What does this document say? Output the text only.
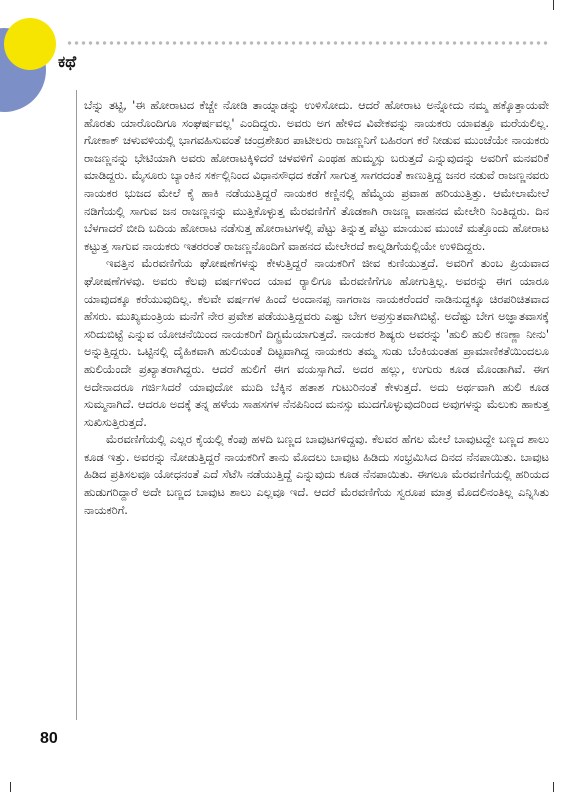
ಕಥೆ

ಬೆನ್ನು ತಟ್ಟಿ, 'ಈ ಹೋರಾಟದ ಕೆಚ್ಚೇ ನೋಡಿ ತಾಯ್ನಾಡನ್ನು ಉಳಿಸೋದು. ಆದರೆ ಹೋರಾಟ ಅನ್ನೋದು ನಮ್ಮ ಹಕ್ಕೊತ್ತಾಯವೇ ಹೊರತು ಯಾರೊಂದಿಗೂ ಸಂಘರ್ಷವಲ್ಲ' ಎಂದಿದ್ದರು. ಅವರು ಅಗ ಹೇಳಿದ ವಿವೇಕವನ್ನು ನಾಯಕರು ಯಾವತ್ತೂ ಮರೆಯಲಿಲ್ಲ. ಗೋಕಾಕ್ ಚಳುವಳಿಯಲ್ಲಿ ಭಾಗವಹಿಸುವಂತೆ ಚಂದ್ರಶೇಖರ ಪಾಟೀಲರು ರಾಜಣ್ಣನಿಗೆ ಬಹಿರಂಗ ಕರೆ ನೀಡುವ ಮುಂಚೆಯೇ ನಾಯಕರು ರಾಜಣ್ಣನನ್ನು ಭೇಟಿಯಾಗಿ ಅವರು ಹೋರಾಟಕ್ಕಿಳಿದರೆ ಚಳವಳಿಗೆ ಎಂಥಹ ಹುಮ್ಮಸ್ಸು ಬರುತ್ತದೆ ಎನ್ನುವುದನ್ನು ಅವರಿಗೆ ಮನವರಿಕೆ ಮಾಡಿದ್ದರು. ಮೈಸೂರು ಬ್ಯಾಂಕಿನ ಸರ್ಕಲ್ಲಿನಿಂದ ವಿಧಾನಸೌಧದ ಕಡೆಗೆ ಸಾಗುತ್ತ ಸಾಗರದಂತೆ ಕಾಣುತ್ತಿದ್ದ ಜನರ ನಡುವೆ ರಾಜಣ್ಣನವರು ನಾಯಕರ ಭುಜದ ಮೇಲೆ ಕೈ ಹಾಕಿ ನಡೆಯುತ್ತಿದ್ದರೆ ನಾಯಕರ ಕಣ್ಣಿನಲ್ಲಿ ಹೆಮ್ಮೆಯ ಪ್ರವಾಹ ಹರಿಯುತ್ತಿತ್ತು. ಆಮೇಲಾಮೇಲೆ ನಡಿಗೆಯಲ್ಲಿ ಸಾಗುವ ಜನ ರಾಜಣ್ಣನನ್ನು ಮುತ್ತಿಕೊಳ್ಳುತ್ತ ಮೆರವಣಿಗೆಗೆ ತೊಡಕಾಗಿ ರಾಜಣ್ಣ ವಾಹನದ ಮೇಲೇರಿ ನಿಂತಿದ್ದರು. ದಿನ ಬೆಳಗಾದರೆ ಬೀದಿ ಬದಿಯ ಹೋರಾಟ ನಡೆಸುತ್ತ ಹೋರಾಟಗಳಲ್ಲಿ ಪೆಟ್ಟು ತಿನ್ನುತ್ತ ಪೆಟ್ಟು ಮಾಯುವ ಮುಂಚೆ ಮತ್ತೊಂದು ಹೋರಾಟ ಕಟ್ಟುತ್ತ ಸಾಗುವ ನಾಯಕರು ಇತರರಂತೆ ರಾಜಣ್ಣನೊಂದಿಗೆ ವಾಹನದ ಮೇಲೇರದೆ ಕಾಲ್ನಡಿಗೆಯಲ್ಲಿಯೇ ಉಳಿದಿದ್ದರು.

ಇವತ್ತಿನ ಮೆರವಣಿಗೆಯ ಘೋಷಣೆಗಳನ್ನು ಕೇಳುತ್ತಿದ್ದರೆ ನಾಯಕರಿಗೆ ಜೀವ ಕುಣಿಯುತ್ತದೆ. ಅವರಿಗೆ ತುಂಬ ಪ್ರಿಯವಾದ ಘೋಷಣೆಗಳವು. ಅವರು ಕೆಲವು ವರ್ಷಗಳಿಂದ ಯಾವ ರ‍್ಯಾಲಿಗೂ ಮೆರವಣಿಗೆಗೂ ಹೋಗುತ್ತಿಲ್ಲ. ಅವರನ್ನು ಈಗ ಯಾರೂ ಯಾವುದಕ್ಕೂ ಕರೆಯುವುದಿಲ್ಲ. ಕೆಲವೇ ವರ್ಷಗಳ ಹಿಂದೆ ಅಂದಾನಪ್ಪ ನಾಗರಾಜ ನಾಯಕರೆಂದರೆ ನಾಡಿನುದ್ದಕ್ಕೂ ಚಿರಪರಿಚಿತವಾದ ಹೆಸರು. ಮುಖ್ಯಮಂತ್ರಿಯ ಮನೆಗೆ ನೇರ ಪ್ರವೇಶ ಪಡೆಯುತ್ತಿದ್ದವರು ಎಷ್ಟು ಬೇಗ ಅಪ್ರಸ್ತುತವಾಗಿಬಿಟ್ಟೆ. ಅದೆಷ್ಟು ಬೇಗ ಅಜ್ಞಾತವಾಸಕ್ಕೆ ಸರಿದುಬಿಟ್ಟೆ ಎನ್ನುವ ಯೋಚನೆಯಿಂದ ನಾಯಕರಿಗೆ ದಿಗ್ಭ್ರಮೆಯಾಗುತ್ತದೆ. ನಾಯಕರ ಶಿಷ್ಯರು ಅವರನ್ನು 'ಹುಲಿ ಹುಲಿ ಕಣಣ್ಣಾ ನೀನು' ಅನ್ನುತ್ತಿದ್ದರು. ಒಟ್ಟಿನಲ್ಲಿ ದೈಹಿಕವಾಗಿ ಹುಲಿಯಂತೆ ದಿಟ್ಟವಾಗಿದ್ದ ನಾಯಕರು ತಮ್ಮ ಸುಡು ಬೆಂಕಿಯಂತಹ ಪ್ರಾಮಾಣಿಕತೆಯಿಂದಲೂ ಹುಲಿಯೆಂದೇ ಪ್ರಖ್ಯಾತರಾಗಿದ್ದರು. ಆದರೆ ಹುಲಿಗೆ ಈಗ ವಯಸ್ಸಾಗಿದೆ. ಅದರ ಹಲ್ಲು, ಉಗುರು ಕೂಡ ಮೊಂಡಾಗಿವೆ. ಈಗ ಅದೇನಾದರೂ ಗರ್ಜಿಸಿದರೆ ಯಾವುದೋ ಮುದಿ ಬೆಕ್ಕಿನ ಹತಾಶ ಗುಟುರಿನಂತೆ ಕೇಳುತ್ತದೆ. ಅದು ಅರ್ಥವಾಗಿ ಹುಲಿ ಕೂಡ ಸುಮ್ಮನಾಗಿದೆ. ಆದರೂ ಅದಕ್ಕೆ ತನ್ನ ಹಳೆಯ ಸಾಹಸಗಳ ನೆನಪಿನಿಂದ ಮನಸ್ಸು ಮುದಗೊಳ್ಳುವುದರಿಂದ ಅವುಗಳನ್ನು ಮೆಲುಕು ಹಾಕುತ್ತ ಸುಖಿಸುತ್ತಿರುತ್ತದೆ.

ಮೆರವಣಿಗೆಯಲ್ಲಿ ಎಲ್ಲರ ಕೈಯಲ್ಲಿ ಕೆಂಪು ಹಳದಿ ಬಣ್ಣದ ಬಾವುಟಗಳಿದ್ದವು. ಕೆಲವರ ಹೆಗಲ ಮೇಲೆ ಬಾವುಟದ್ದೇ ಬಣ್ಣದ ಶಾಲು ಕೂಡ ಇತ್ತು. ಅವರನ್ನು ನೋಡುತ್ತಿದ್ದರೆ ನಾಯಕರಿಗೆ ತಾನು ಮೊದಲು ಬಾವುಟ ಹಿಡಿದು ಸಂಭ್ರಮಿಸಿದ ದಿನದ ನೆನಪಾಯಿತು. ಬಾವುಟ ಹಿಡಿದ ಪ್ರತಿಸಲವೂ ಯೋಧನಂತೆ ಎದೆ ಸೆಟೆಸಿ ನಡೆಯುತ್ತಿದ್ದೆ ಎನ್ನುವುದು ಕೂಡ ನೆನಪಾಯಿತು. ಈಗಲೂ ಮೆರವಣಿಗೆಯಲ್ಲಿ ಹರಿಯದ ಹುಡುಗರಿದ್ದಾರೆ ಅದೇ ಬಣ್ಣದ ಬಾವುಟ ಶಾಲು ಎಲ್ಲವೂ ಇದೆ. ಆದರೆ ಮೆರವಣಿಗೆಯ ಸ್ವರೂಪ ಮಾತ್ರ ಮೊದಲಿನಂತಿಲ್ಲ ಎನ್ನಿಸಿತು ನಾಯಕರಿಗೆ.

80
